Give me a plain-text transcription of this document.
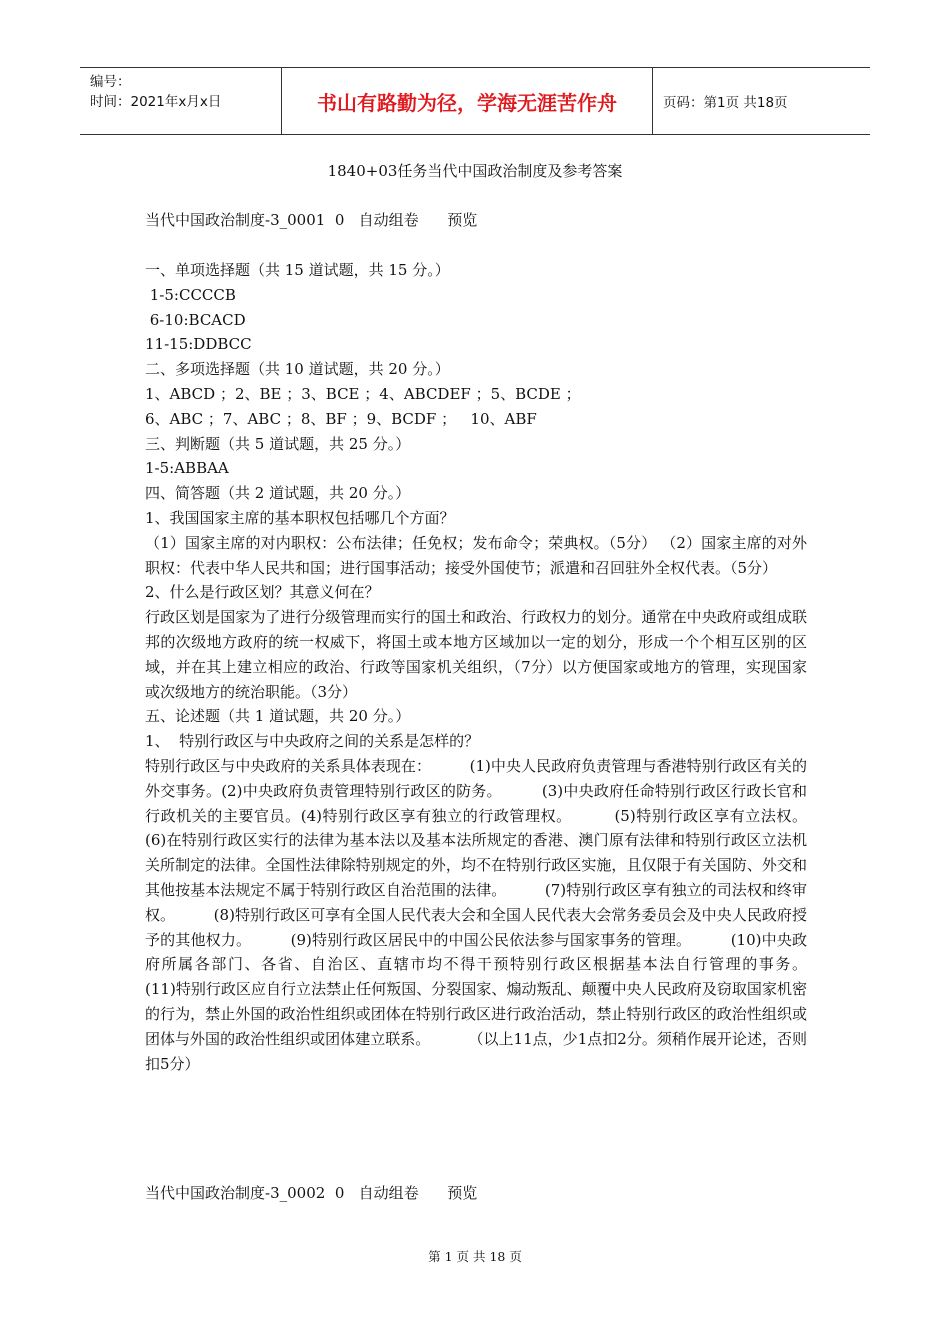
编号：
时间：2021年x月x日	书山有路勤为径，学海无涯苦作舟	页码：第1页 共18页
1840+03任务当代中国政治制度及参考答案
当代中国政治制度-3_0001  0   自动组卷      预览

一、单项选择题（共 15 道试题，共 15 分。）

1-5:CCCCB

6-10:BCACD

11-15:DDBCC

二、多项选择题（共 10 道试题，共 20 分。）

1、ABCD ；2、BE ；3、BCE ；4、ABCDEF ；5、BCDE ；

6、ABC ；7、ABC ；8、BF ；9、BCDF ；   10、ABF

三、判断题（共 5 道试题，共 25 分。）

1-5:ABBAA

四、简答题（共 2 道试题，共 20 分。）

1、我国国家主席的基本职权包括哪几个方面？

（1）国家主席的对内职权：公布法律；任免权；发布命令；荣典权。（5分） （2）国家主席的对外职权：代表中华人民共和国；进行国事活动；接受外国使节；派遣和召回驻外全权代表。（5分）

2、什么是行政区划？其意义何在？

行政区划是国家为了进行分级管理而实行的国土和政治、行政权力的划分。通常在中央政府或组成联邦的次级地方政府的统一权威下，将国土或本地方区域加以一定的划分，形成一个个相互区别的区域，并在其上建立相应的政治、行政等国家机关组织，（7分）以方便国家或地方的管理，实现国家或次级地方的统治职能。（3分）

五、论述题（共 1 道试题，共 20 分。）

1、  特别行政区与中央政府之间的关系是怎样的？

特别行政区与中央政府的关系具体表现在：        (1)中央人民政府负责管理与香港特别行政区有关的外交事务。(2)中央政府负责管理特别行政区的防务。        (3)中央政府任命特别行政区行政长官和行政机关的主要官员。(4)特别行政区享有独立的行政管理权。        (5)特别行政区享有立法权。        (6)在特别行政区实行的法律为基本法以及基本法所规定的香港、澳门原有法律和特别行政区立法机关所制定的法律。全国性法律除特别规定的外，均不在特别行政区实施，且仅限于有关国防、外交和其他按基本法规定不属于特别行政区自治范围的法律。        (7)特别行政区享有独立的司法权和终审权。        (8)特别行政区可享有全国人民代表大会和全国人民代表大会常务委员会及中央人民政府授予的其他权力。        (9)特别行政区居民中的中国公民依法参与国家事务的管理。        (10)中央政府所属各部门、各省、自治区、直辖市均不得干预特别行政区根据基本法自行管理的事务。        (11)特别行政区应自行立法禁止任何叛国、分裂国家、煽动叛乱、颠覆中央人民政府及窃取国家机密的行为，禁止外国的政治性组织或团体在特别行政区进行政治活动，禁止特别行政区的政治性组织或团体与外国的政治性组织或团体建立联系。        （以上11点，少1点扣2分。须稍作展开论述，否则扣5分）

当代中国政治制度-3_0002  0   自动组卷      预览
第 1 页 共 18 页
